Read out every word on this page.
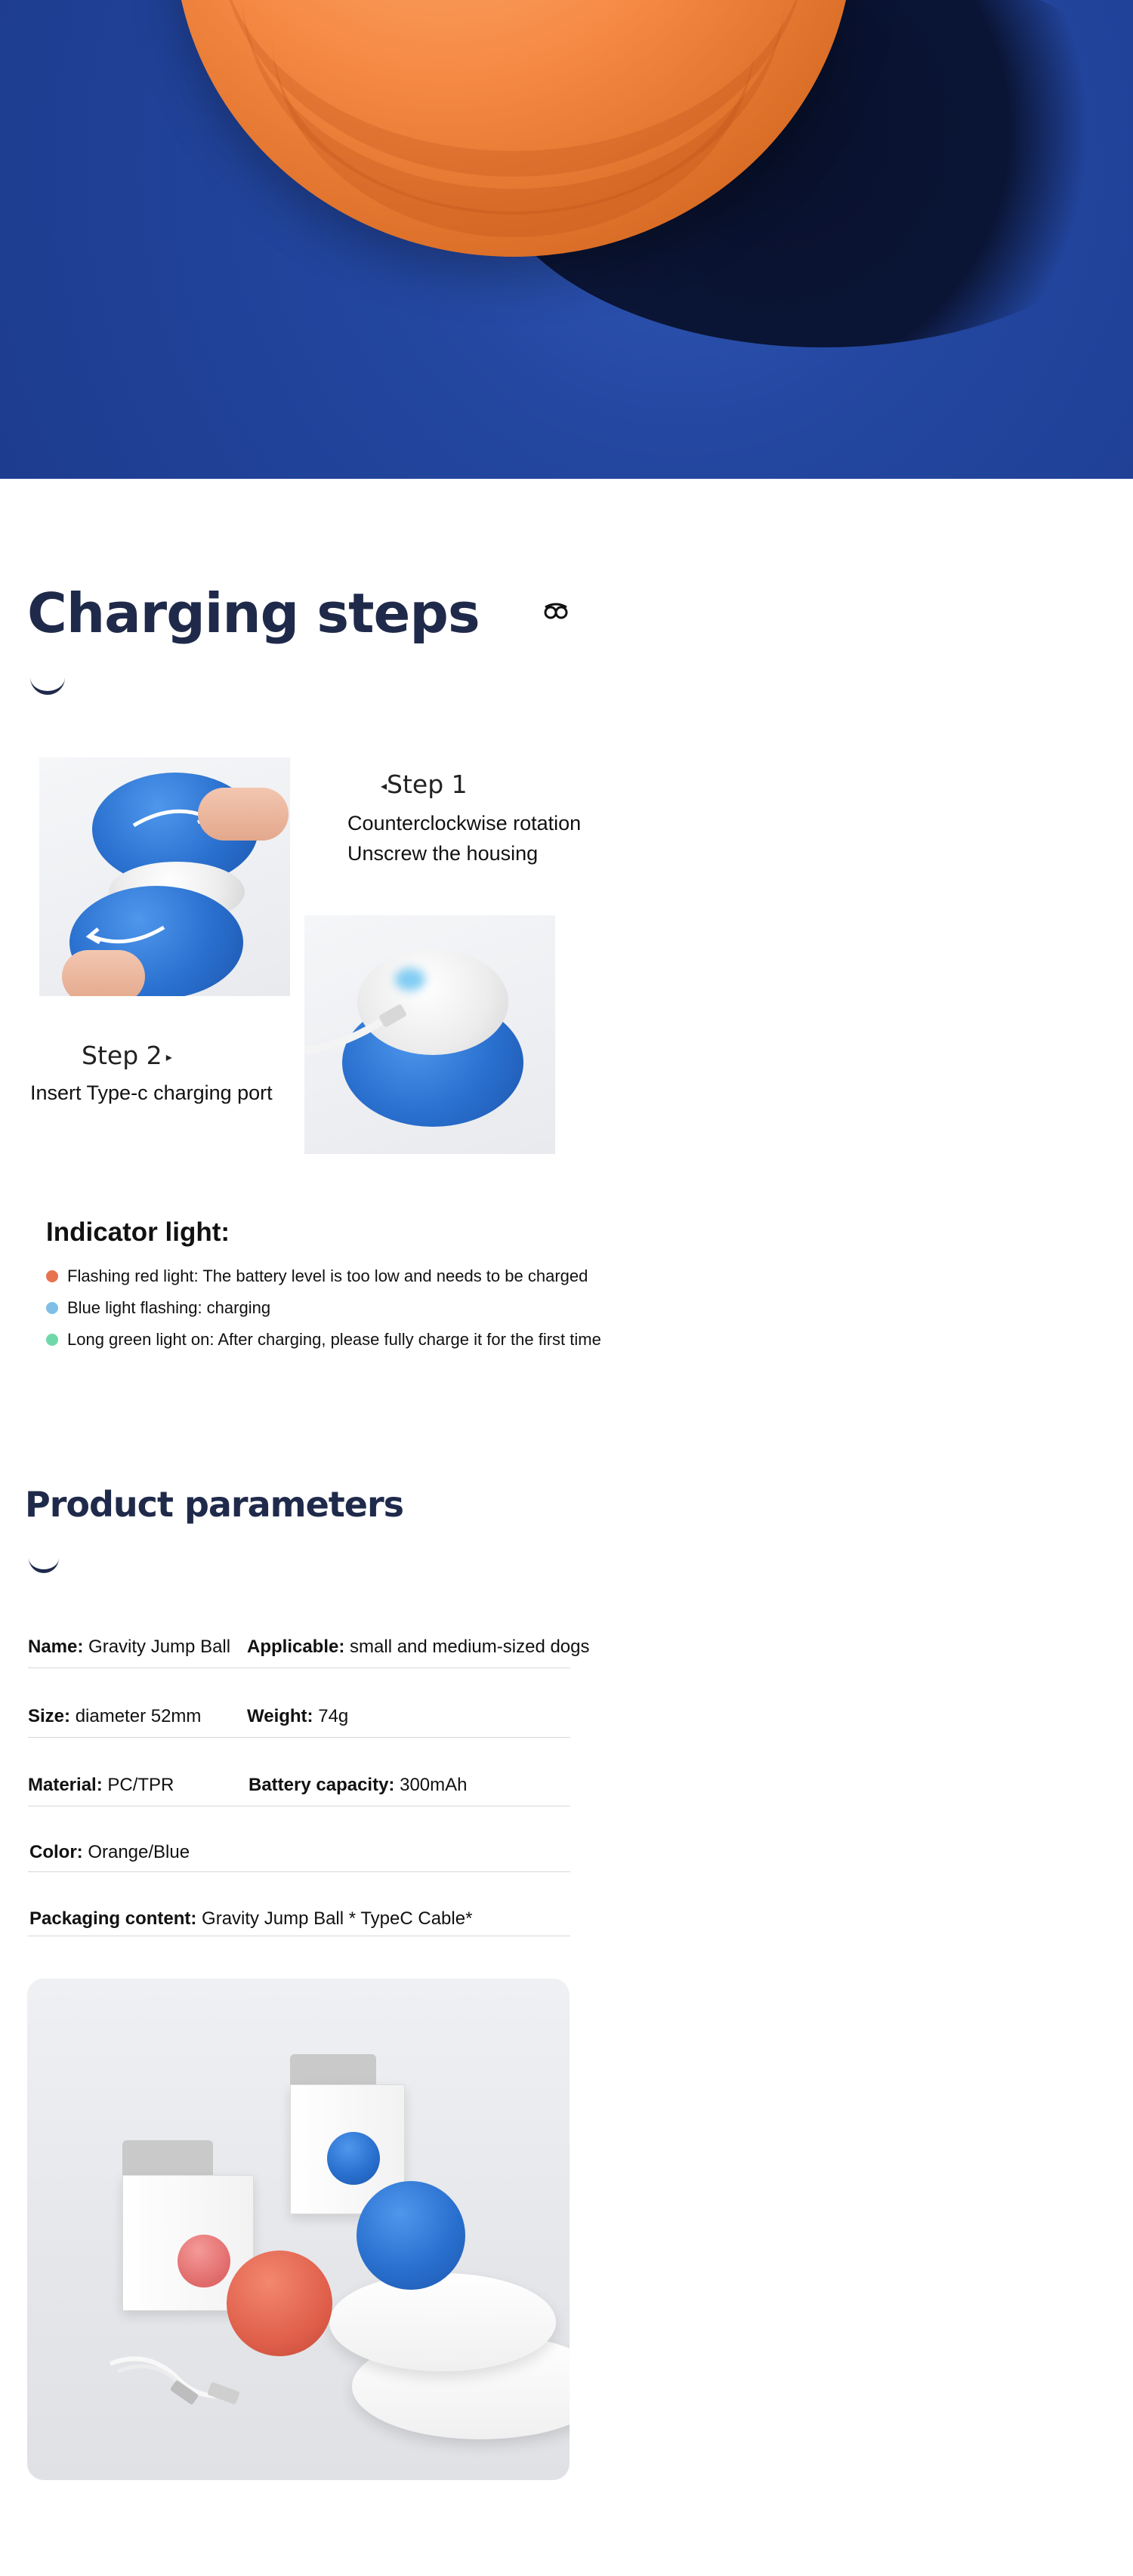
Charging steps
◂Step 1
Counterclockwise rotation
Unscrew the housing
Step 2 ▸
Insert Type-c charging port
Indicator light:
Flashing red light: The battery level is too low and needs to be charged
Blue light flashing: charging
Long green light on: After charging, please fully charge it for the first time
Product parameters
Name: Gravity Jump Ball Applicable: small and medium-sized dogs
Size: diameter 52mm	Weight: 74g
Material: PC/TPR	Battery capacity: 300mAh
Color: Orange/Blue
Packaging content: Gravity Jump Ball * TypeC Cable*
